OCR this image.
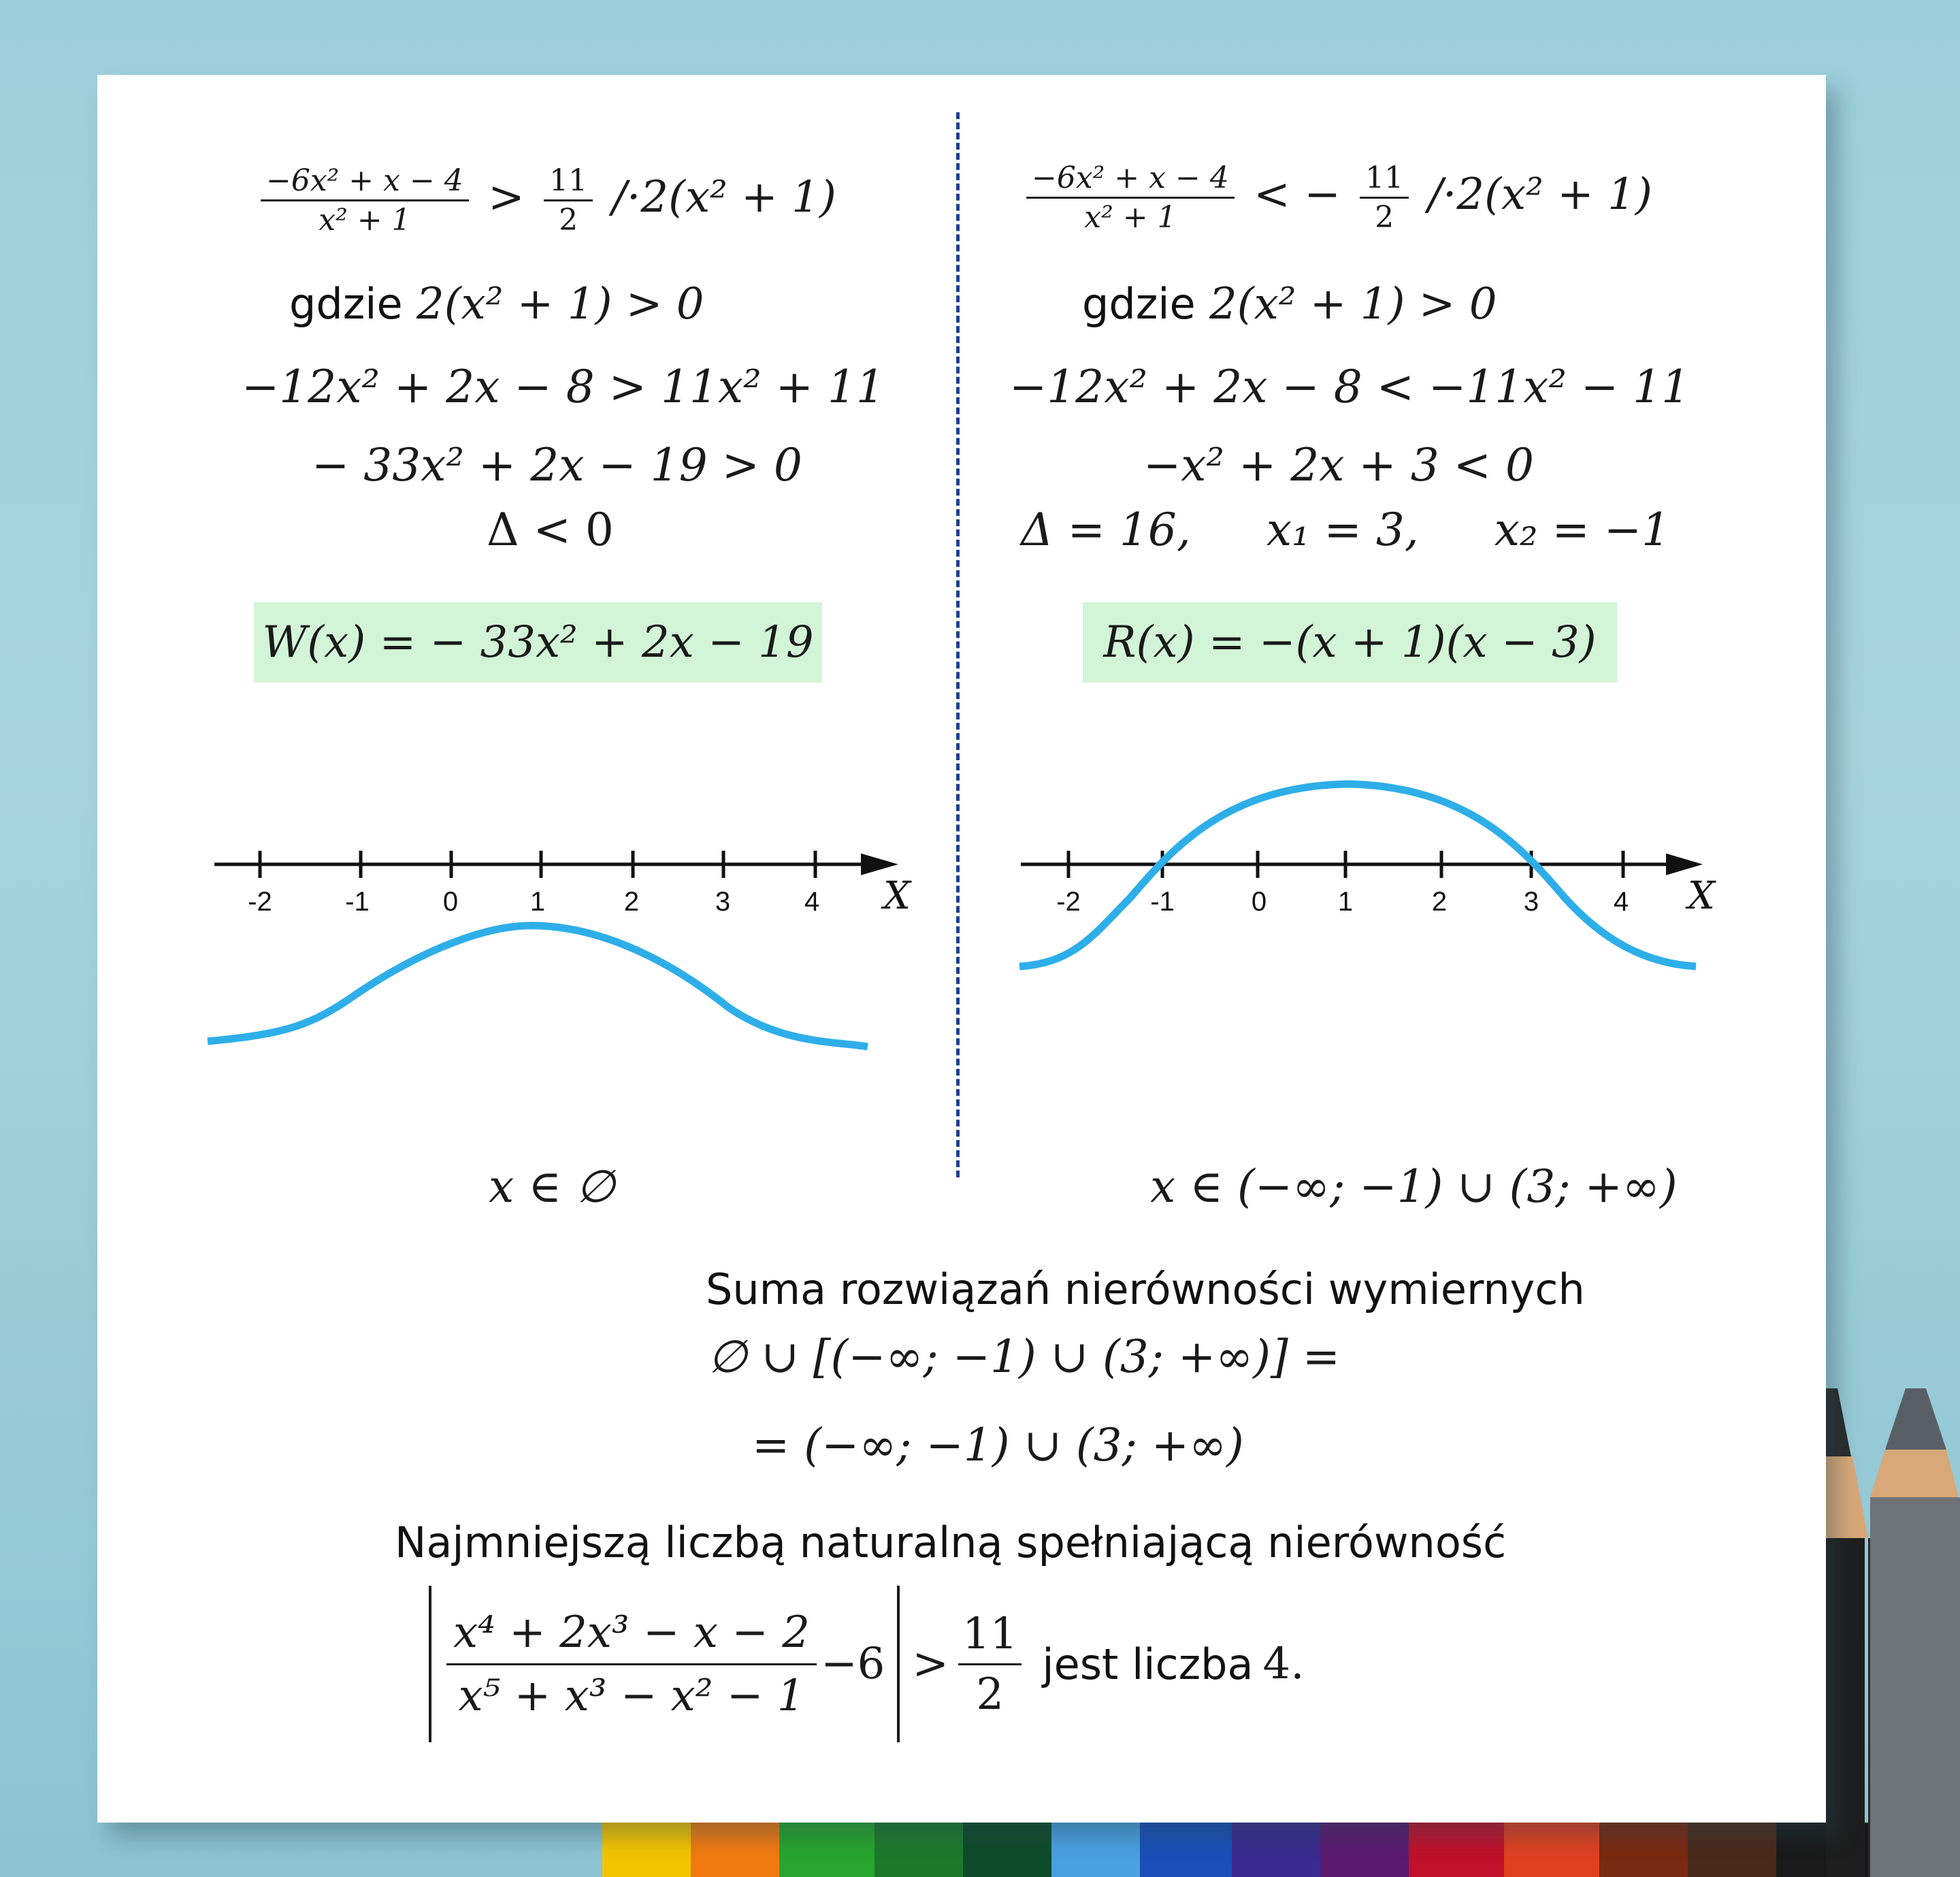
$\frac{\text{−6x² + x − 4}}{\text{x² + 1}} > \frac{11}{2} /\cdot 2(x^2 + 1)$
gdzie 2(x² + 1) > 0
−12x² + 2x − 8 > 11x² + 11
− 33x² + 2x − 19 > 0
Δ < 0
W(x) = − 33x² + 2x − 19
-2	-1	0	1	2	3	4 X
x ∈ ∅
$\frac{\text{−6x² + x − 4}}{\text{x² + 1}}$ < − $\frac{11}{2} /\cdot 2(x^2 + 1)$
gdzie 2(x² + 1) > 0
−12x² + 2x − 8 < −11x² − 11
−x² + 2x + 3 < 0
Δ = 16, x₁ = 3, x₂ = −1
R(x) = −(x + 1)(x − 3)
-2	-1	0	1	2	3	4 X
x ∈ (−∞; −1) ∪ (3; +∞)
Suma rozwiązań nierówności wymiernych
∅ ∪ [(−∞; −1) ∪ (3; +∞)] =
= (−∞; −1) ∪ (3; +∞)
Najmniejszą liczbą naturalną spełniającą nierówność
$\frac{\text{x⁴ + 2x³ − x − 2}}{\text{x⁵ + x³ − x² − 1}} -6 > \frac{11}{2}$ jest liczba 4.
